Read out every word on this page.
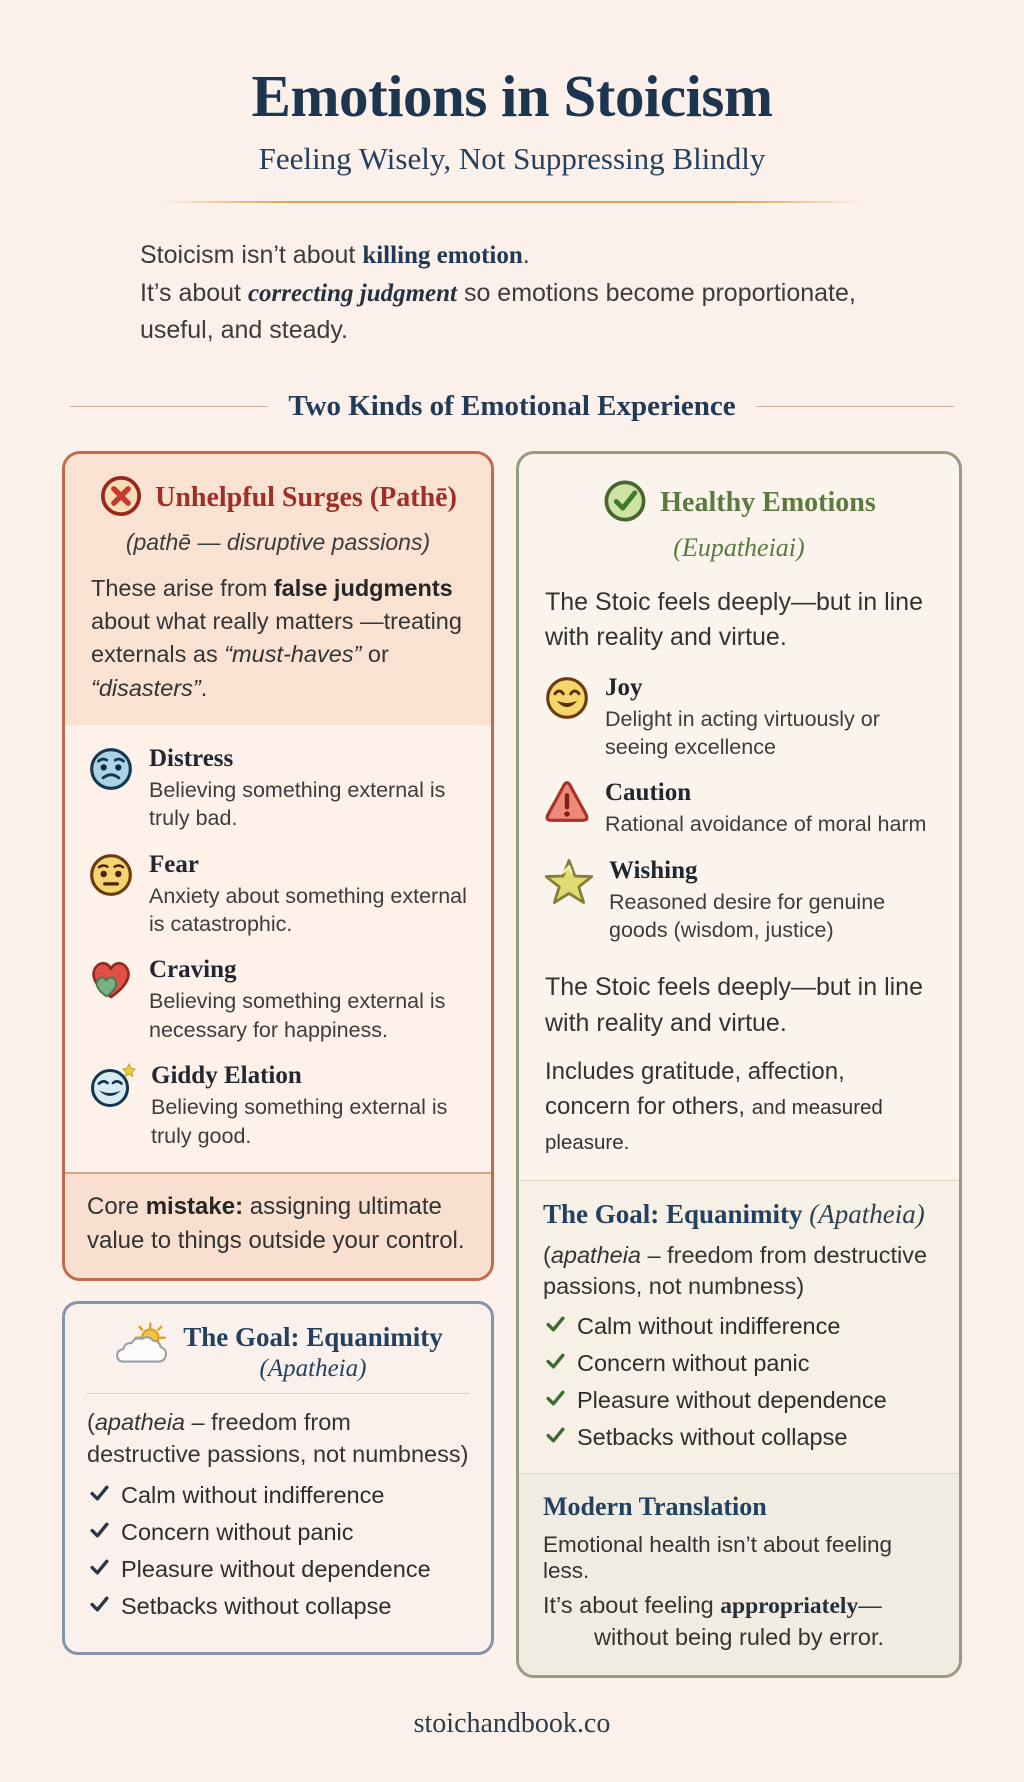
Emotions in Stoicism
Feeling Wisely, Not Suppressing Blindly
Stoicism isn’t about killing emotion.
It’s about correcting judgment so emotions become proportionate, useful, and steady.
Two Kinds of Emotional Experience
Unhelpful Surges (Pathē)
(pathē — disruptive passions)
These arise from false judgments about what really matters —treating externals as “must-haves” or “disasters”.
Distress
Believing something external is truly bad.
Fear
Anxiety about something external is catastrophic.
Craving
Believing something external is necessary for happiness.
Giddy Elation
Believing something external is truly good.
Core mistake: assigning ultimate value to things outside your control.
The Goal: Equanimity
(Apatheia)
(apatheia – freedom from destructive passions, not numbness)
Calm without indifference
Concern without panic
Pleasure without dependence
Setbacks without collapse
Healthy Emotions
(Eupatheiai)
The Stoic feels deeply—but in line with reality and virtue.
Joy
Delight in acting virtuously or seeing excellence
Caution
Rational avoidance of moral harm
Wishing
Reasoned desire for genuine goods (wisdom, justice)
The Stoic feels deeply—but in line with reality and virtue.
Includes gratitude, affection, concern for others, and measured pleasure.
The Goal: Equanimity (Apatheia)
(apatheia – freedom from destructive passions, not numbness)
Calm without indifference
Concern without panic
Pleasure without dependence
Setbacks without collapse
Modern Translation
Emotional health isn’t about feeling less.
It’s about feeling appropriately—
without being ruled by error.
stoichandbook.co
